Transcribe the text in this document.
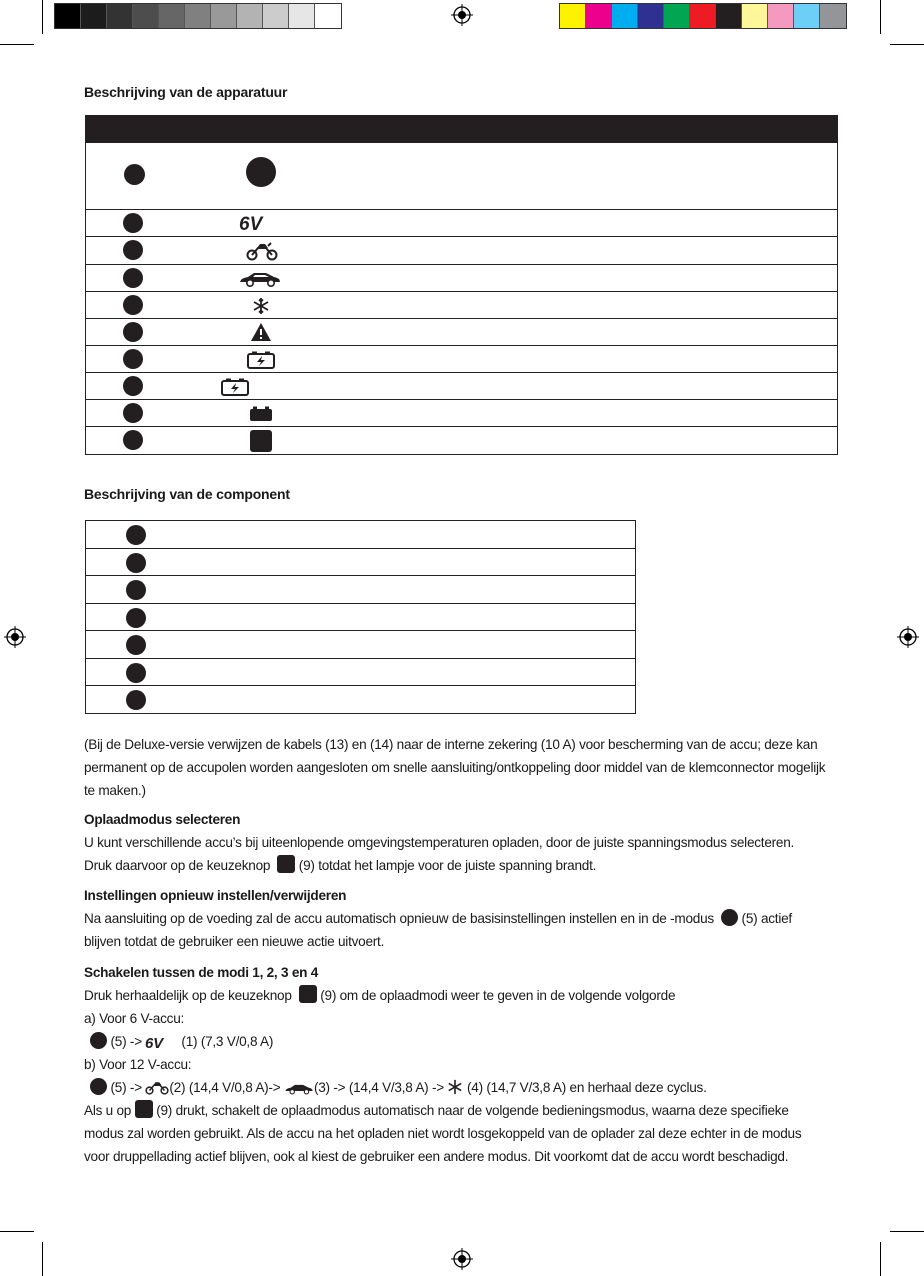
Beschrijving van de apparatuur
6V
Beschrijving van de component
(Bij de Deluxe-versie verwijzen de kabels (13) en (14) naar de interne zekering (10 A) voor bescherming van de accu; deze kan permanent op de accupolen worden aangesloten om snelle aansluiting/ontkoppeling door middel van de klemconnector mogelijk te maken.)
Oplaadmodus selecteren
U kunt verschillende accu’s bij uiteenlopende omgevingstemperaturen opladen, door de juiste spanningsmodus selecteren.
Druk daarvoor op de keuzeknop (9) totdat het lampje voor de juiste spanning brandt.
Instellingen opnieuw instellen/verwijderen
Na aansluiting op de voeding zal de accu automatisch opnieuw de basisinstellingen instellen en in de -modus (5) actief
blijven totdat de gebruiker een nieuwe actie uitvoert.
Schakelen tussen de modi 1, 2, 3 en 4
Druk herhaaldelijk op de keuzeknop (9) om de oplaadmodi weer te geven in de volgende volgorde
a) Voor 6 V-accu:
(5) -> 6V (1) (7,3 V/0,8 A)
b) Voor 12 V-accu:
(5) -> (2) (14,4 V/0,8 A)-> (3) -> (14,4 V/3,8 A) -> (4) (14,7 V/3,8 A) en herhaal deze cyclus.
Als u op (9) drukt, schakelt de oplaadmodus automatisch naar de volgende bedieningsmodus, waarna deze specifieke
modus zal worden gebruikt. Als de accu na het opladen niet wordt losgekoppeld van de oplader zal deze echter in de modus
voor druppellading actief blijven, ook al kiest de gebruiker een andere modus. Dit voorkomt dat de accu wordt beschadigd.
